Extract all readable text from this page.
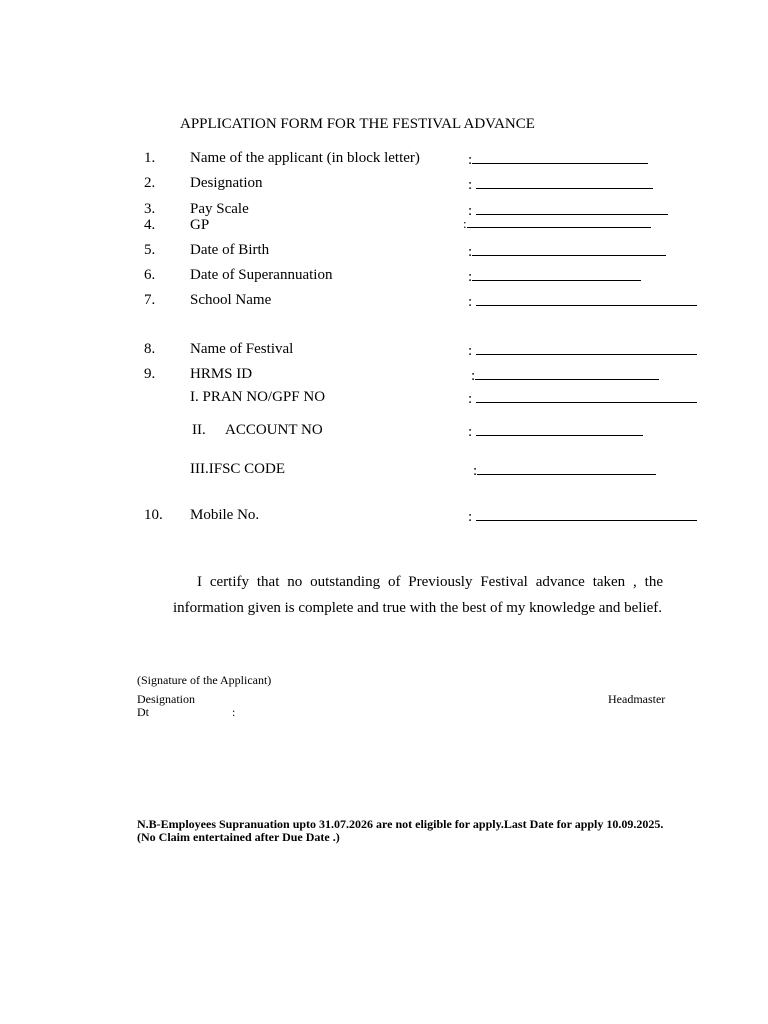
APPLICATION FORM FOR THE FESTIVAL ADVANCE
1. Name of the applicant (in block letter)	:
2. Designation	:
3. Pay Scale	:
4. GP	:
5. Date of Birth	:
6. Date of Superannuation	:
7. School Name	:
8. Name of Festival	:
9. HRMS ID	:
I. PRAN NO/GPF NO	:
II. ACCOUNT NO	:
III.IFSC CODE	:
10. Mobile No.	:
I certify that no outstanding of Previously Festival advance taken , the information given is complete and true with the best of my knowledge and belief.
(Signature of the Applicant)
Designation
Dt	:
Headmaster
N.B-Employees Supranuation upto 31.07.2026 are not eligible for apply.Last Date for apply 10.09.2025.(No Claim entertained after Due Date .)
